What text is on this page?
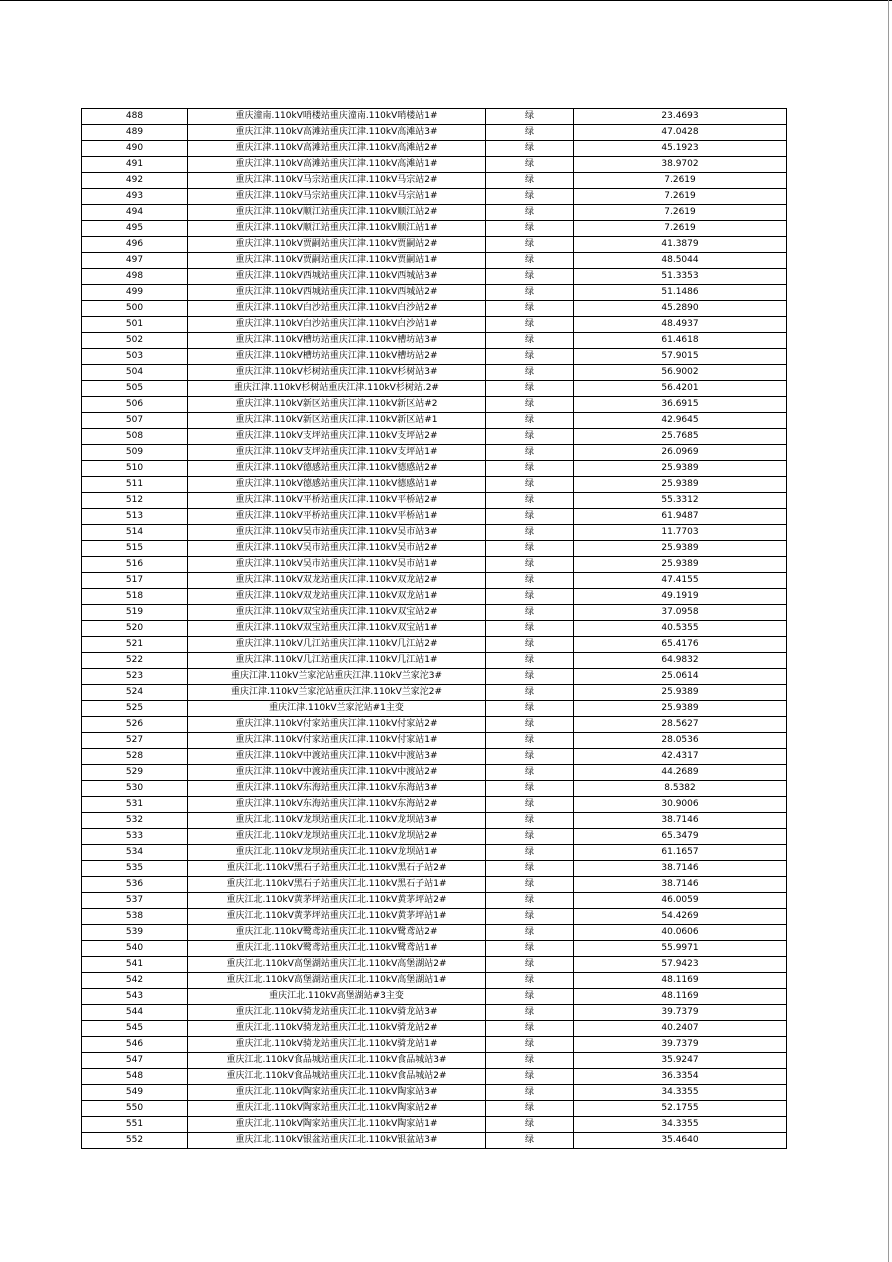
488	重庆潼南.110kV哨楼站重庆潼南.110kV哨楼站1#	绿	23.4693
489	重庆江津.110kV高滩站重庆江津.110kV高滩站3#	绿	47.0428
490	重庆江津.110kV高滩站重庆江津.110kV高滩站2#	绿	45.1923
491	重庆江津.110kV高滩站重庆江津.110kV高滩站1#	绿	38.9702
492	重庆江津.110kV马宗站重庆江津.110kV马宗站2#	绿	7.2619
493	重庆江津.110kV马宗站重庆江津.110kV马宗站1#	绿	7.2619
494	重庆江津.110kV顺江站重庆江津.110kV顺江站2#	绿	7.2619
495	重庆江津.110kV顺江站重庆江津.110kV顺江站1#	绿	7.2619
496	重庆江津.110kV贾嗣站重庆江津.110kV贾嗣站2#	绿	41.3879
497	重庆江津.110kV贾嗣站重庆江津.110kV贾嗣站1#	绿	48.5044
498	重庆江津.110kV西城站重庆江津.110kV西城站3#	绿	51.3353
499	重庆江津.110kV西城站重庆江津.110kV西城站2#	绿	51.1486
500	重庆江津.110kV白沙站重庆江津.110kV白沙站2#	绿	45.2890
501	重庆江津.110kV白沙站重庆江津.110kV白沙站1#	绿	48.4937
502	重庆江津.110kV槽坊站重庆江津.110kV槽坊站3#	绿	61.4618
503	重庆江津.110kV槽坊站重庆江津.110kV槽坊站2#	绿	57.9015
504	重庆江津.110kV杉树站重庆江津.110kV杉树站3#	绿	56.9002
505	重庆江津.110kV杉树站重庆江津.110kV杉树站.2#	绿	56.4201
506	重庆江津.110kV新区站重庆江津.110kV新区站#2	绿	36.6915
507	重庆江津.110kV新区站重庆江津.110kV新区站#1	绿	42.9645
508	重庆江津.110kV支坪站重庆江津.110kV支坪站2#	绿	25.7685
509	重庆江津.110kV支坪站重庆江津.110kV支坪站1#	绿	26.0969
510	重庆江津.110kV德感站重庆江津.110kV德感站2#	绿	25.9389
511	重庆江津.110kV德感站重庆江津.110kV德感站1#	绿	25.9389
512	重庆江津.110kV平桥站重庆江津.110kV平桥站2#	绿	55.3312
513	重庆江津.110kV平桥站重庆江津.110kV平桥站1#	绿	61.9487
514	重庆江津.110kV吴市站重庆江津.110kV吴市站3#	绿	11.7703
515	重庆江津.110kV吴市站重庆江津.110kV吴市站2#	绿	25.9389
516	重庆江津.110kV吴市站重庆江津.110kV吴市站1#	绿	25.9389
517	重庆江津.110kV双龙站重庆江津.110kV双龙站2#	绿	47.4155
518	重庆江津.110kV双龙站重庆江津.110kV双龙站1#	绿	49.1919
519	重庆江津.110kV双宝站重庆江津.110kV双宝站2#	绿	37.0958
520	重庆江津.110kV双宝站重庆江津.110kV双宝站1#	绿	40.5355
521	重庆江津.110kV几江站重庆江津.110kV几江站2#	绿	65.4176
522	重庆江津.110kV几江站重庆江津.110kV几江站1#	绿	64.9832
523	重庆江津.110kV兰家沱站重庆江津.110kV兰家沱3#	绿	25.0614
524	重庆江津.110kV兰家沱站重庆江津.110kV兰家沱2#	绿	25.9389
525	重庆江津.110kV兰家沱站#1主变	绿	25.9389
526	重庆江津.110kV付家站重庆江津.110kV付家站2#	绿	28.5627
527	重庆江津.110kV付家站重庆江津.110kV付家站1#	绿	28.0536
528	重庆江津.110kV中渡站重庆江津.110kV中渡站3#	绿	42.4317
529	重庆江津.110kV中渡站重庆江津.110kV中渡站2#	绿	44.2689
530	重庆江津.110kV东海站重庆江津.110kV东海站3#	绿	8.5382
531	重庆江津.110kV东海站重庆江津.110kV东海站2#	绿	30.9006
532	重庆江北.110kV龙坝站重庆江北.110kV龙坝站3#	绿	38.7146
533	重庆江北.110kV龙坝站重庆江北.110kV龙坝站2#	绿	65.3479
534	重庆江北.110kV龙坝站重庆江北.110kV龙坝站1#	绿	61.1657
535	重庆江北.110kV黑石子站重庆江北.110kV黑石子站2#	绿	38.7146
536	重庆江北.110kV黑石子站重庆江北.110kV黑石子站1#	绿	38.7146
537	重庆江北.110kV黄茅坪站重庆江北.110kV黄茅坪站2#	绿	46.0059
538	重庆江北.110kV黄茅坪站重庆江北.110kV黄茅坪站1#	绿	54.4269
539	重庆江北.110kV鹭鸢站重庆江北.110kV鹭鸢站2#	绿	40.0606
540	重庆江北.110kV鹭鸢站重庆江北.110kV鹭鸢站1#	绿	55.9971
541	重庆江北.110kV高堡湖站重庆江北.110kV高堡湖站2#	绿	57.9423
542	重庆江北.110kV高堡湖站重庆江北.110kV高堡湖站1#	绿	48.1169
543	重庆江北.110kV高堡湖站#3主变	绿	48.1169
544	重庆江北.110kV骑龙站重庆江北.110kV骑龙站3#	绿	39.7379
545	重庆江北.110kV骑龙站重庆江北.110kV骑龙站2#	绿	40.2407
546	重庆江北.110kV骑龙站重庆江北.110kV骑龙站1#	绿	39.7379
547	重庆江北.110kV食品城站重庆江北.110kV食品城站3#	绿	35.9247
548	重庆江北.110kV食品城站重庆江北.110kV食品城站2#	绿	36.3354
549	重庆江北.110kV陶家站重庆江北.110kV陶家站3#	绿	34.3355
550	重庆江北.110kV陶家站重庆江北.110kV陶家站2#	绿	52.1755
551	重庆江北.110kV陶家站重庆江北.110kV陶家站1#	绿	34.3355
552	重庆江北.110kV银盆站重庆江北.110kV银盆站3#	绿	35.4640
